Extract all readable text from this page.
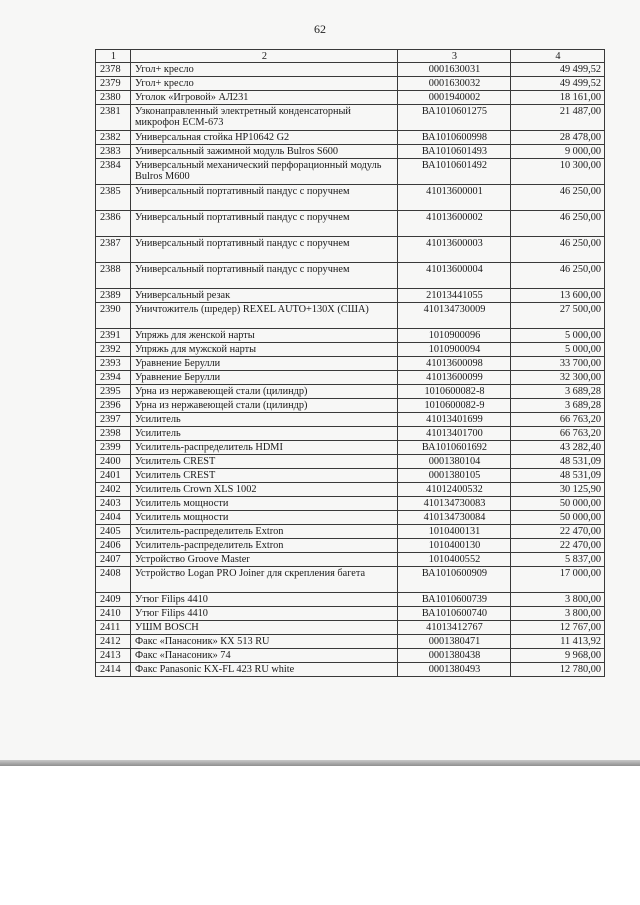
62
1	2	3	4
2378	Угол+ кресло	0001630031	49 499,52
2379	Угол+ кресло	0001630032	49 499,52
2380	Уголок «Игровой» АЛ231	0001940002	18 161,00
2381	Узконаправленный электретный конденсаторный микрофон ECM-673	ВА1010601275	21 487,00
2382	Универсальная стойка HP10642 G2	ВА1010600998	28 478,00
2383	Универсальный зажимной модуль Bulros S600	ВА1010601493	9 000,00
2384	Универсальный механический перфорационный модуль Bulros M600	ВА1010601492	10 300,00
2385	Универсальный портативный пандус с поручнем	41013600001	46 250,00
2386	Универсальный портативный пандус с поручнем	41013600002	46 250,00
2387	Универсальный портативный пандус с поручнем	41013600003	46 250,00
2388	Универсальный портативный пандус с поручнем	41013600004	46 250,00
2389	Универсальный резак	21013441055	13 600,00
2390	Уничтожитель (шредер) REXEL AUTO+130X (США)	410134730009	27 500,00
2391	Упряжь для женской нарты	1010900096	5 000,00
2392	Упряжь для мужской нарты	1010900094	5 000,00
2393	Уравнение Берулли	41013600098	33 700,00
2394	Уравнение Берулли	41013600099	32 300,00
2395	Урна из нержавеющей стали (цилиндр)	1010600082-8	3 689,28
2396	Урна из нержавеющей стали (цилиндр)	1010600082-9	3 689,28
2397	Усилитель	41013401699	66 763,20
2398	Усилитель	41013401700	66 763,20
2399	Усилитель-распределитель HDMI	ВА1010601692	43 282,40
2400	Усилитель CREST	0001380104	48 531,09
2401	Усилитель CREST	0001380105	48 531,09
2402	Усилитель Crown XLS 1002	41012400532	30 125,90
2403	Усилитель мощности	410134730083	50 000,00
2404	Усилитель мощности	410134730084	50 000,00
2405	Усилитель-распределитель Extron	1010400131	22 470,00
2406	Усилитель-распределитель Extron	1010400130	22 470,00
2407	Устройство Groove Master	1010400552	5 837,00
2408	Устройство Logan PRO Joiner для скрепления багета	ВА1010600909	17 000,00
2409	Утюг Filips 4410	ВА1010600739	3 800,00
2410	Утюг Filips 4410	ВА1010600740	3 800,00
2411	УШМ BOSCH	41013412767	12 767,00
2412	Факс «Панасоник» КХ 513 RU	0001380471	11 413,92
2413	Факс «Панасоник» 74	0001380438	9 968,00
2414	Факс Panasonic KX-FL 423 RU white	0001380493	12 780,00
